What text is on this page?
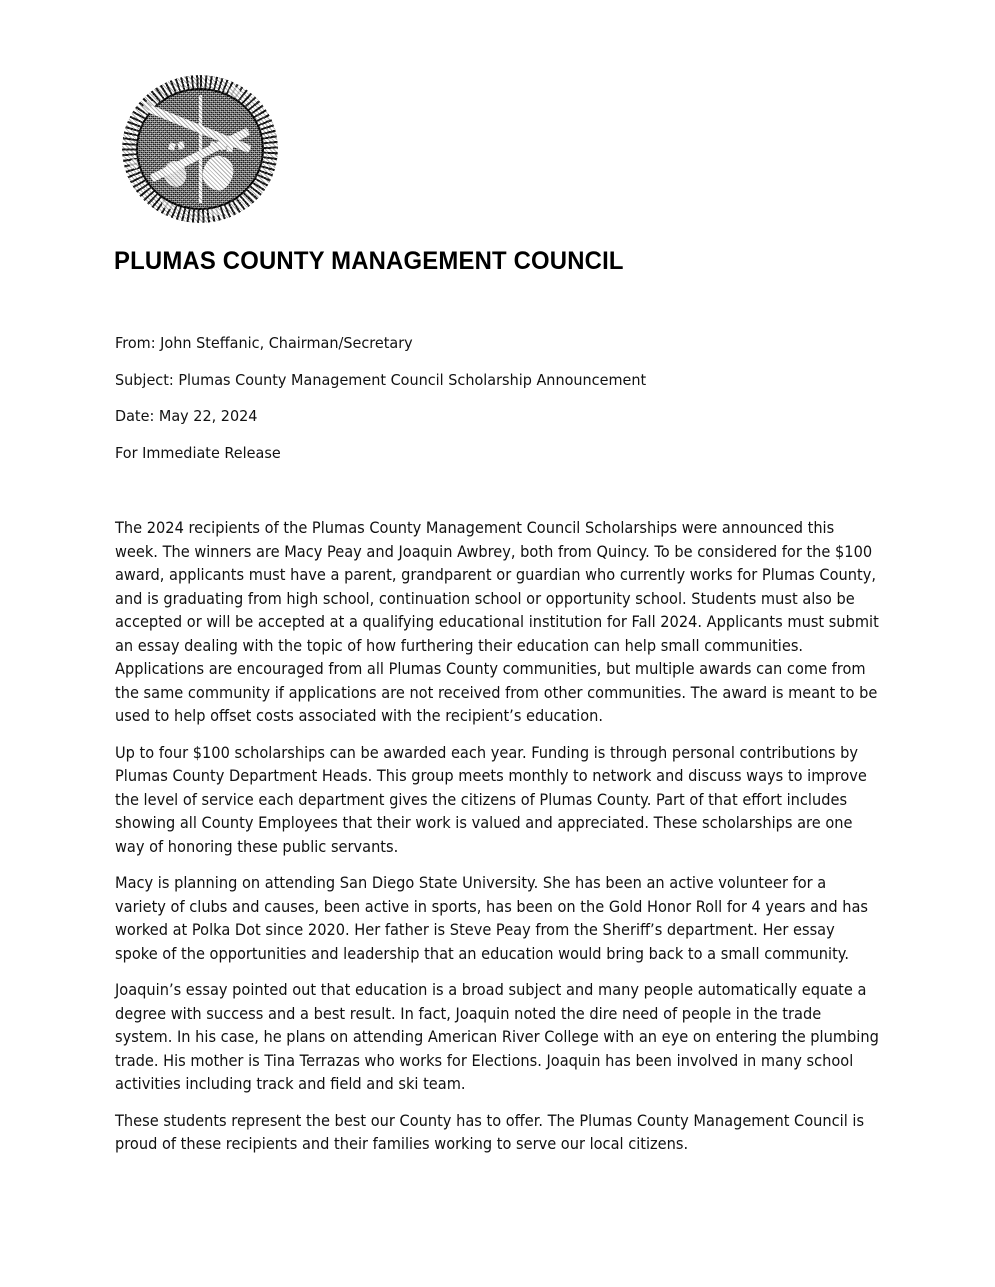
PLUMAS COUNTY MANAGEMENT COUNCIL
From: John Steffanic, Chairman/Secretary
Subject: Plumas County Management Council Scholarship Announcement
Date: May 22, 2024
For Immediate Release

The 2024 recipients of the Plumas County Management Council Scholarships were announced this week. The winners are Macy Peay and Joaquin Awbrey, both from Quincy. To be considered for the $100 award, applicants must have a parent, grandparent or guardian who currently works for Plumas County, and is graduating from high school, continuation school or opportunity school. Students must also be accepted or will be accepted at a qualifying educational institution for Fall 2024. Applicants must submit an essay dealing with the topic of how furthering their education can help small communities. Applications are encouraged from all Plumas County communities, but multiple awards can come from the same community if applications are not received from other communities. The award is meant to be used to help offset costs associated with the recipient’s education.

Up to four $100 scholarships can be awarded each year. Funding is through personal contributions by Plumas County Department Heads. This group meets monthly to network and discuss ways to improve the level of service each department gives the citizens of Plumas County. Part of that effort includes showing all County Employees that their work is valued and appreciated. These scholarships are one way of honoring these public servants.

Macy is planning on attending San Diego State University. She has been an active volunteer for a variety of clubs and causes, been active in sports, has been on the Gold Honor Roll for 4 years and has worked at Polka Dot since 2020. Her father is Steve Peay from the Sheriff’s department. Her essay spoke of the opportunities and leadership that an education would bring back to a small community.

Joaquin’s essay pointed out that education is a broad subject and many people automatically equate a degree with success and a best result. In fact, Joaquin noted the dire need of people in the trade system. In his case, he plans on attending American River College with an eye on entering the plumbing trade. His mother is Tina Terrazas who works for Elections. Joaquin has been involved in many school activities including track and field and ski team.

These students represent the best our County has to offer. The Plumas County Management Council is proud of these recipients and their families working to serve our local citizens.
